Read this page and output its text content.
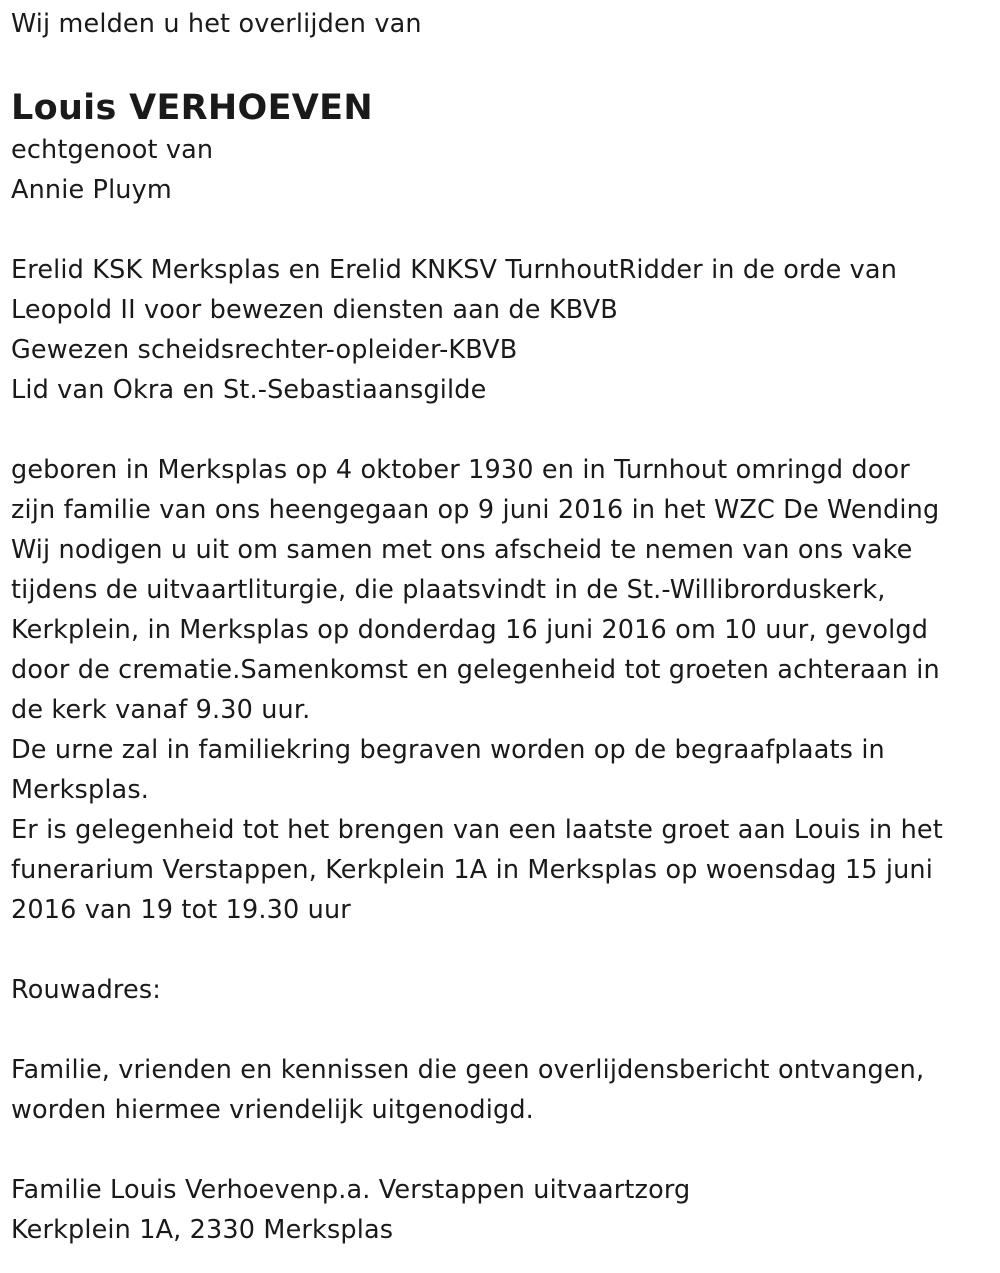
Wij melden u het overlijden van
Louis VERHOEVEN
echtgenoot van
Annie Pluym
Erelid KSK Merksplas en Erelid KNKSV TurnhoutRidder in de orde van
Leopold II voor bewezen diensten aan de KBVB
Gewezen scheidsrechter-opleider-KBVB
Lid van Okra en St.-Sebastiaansgilde
geboren in Merksplas op 4 oktober 1930 en in Turnhout omringd door
zijn familie van ons heengegaan op 9 juni 2016 in het WZC De Wending
Wij nodigen u uit om samen met ons afscheid te nemen van ons vake
tijdens de uitvaartliturgie, die plaatsvindt in de St.-Willibrorduskerk,
Kerkplein, in Merksplas op donderdag 16 juni 2016 om 10 uur, gevolgd
door de crematie.Samenkomst en gelegenheid tot groeten achteraan in
de kerk vanaf 9.30 uur.
De urne zal in familiekring begraven worden op de begraafplaats in
Merksplas.
Er is gelegenheid tot het brengen van een laatste groet aan Louis in het
funerarium Verstappen, Kerkplein 1A in Merksplas op woensdag 15 juni
2016 van 19 tot 19.30 uur
Rouwadres:
Familie, vrienden en kennissen die geen overlijdensbericht ontvangen,
worden hiermee vriendelijk uitgenodigd.
Familie Louis Verhoevenp.a. Verstappen uitvaartzorg
Kerkplein 1A, 2330 Merksplas
